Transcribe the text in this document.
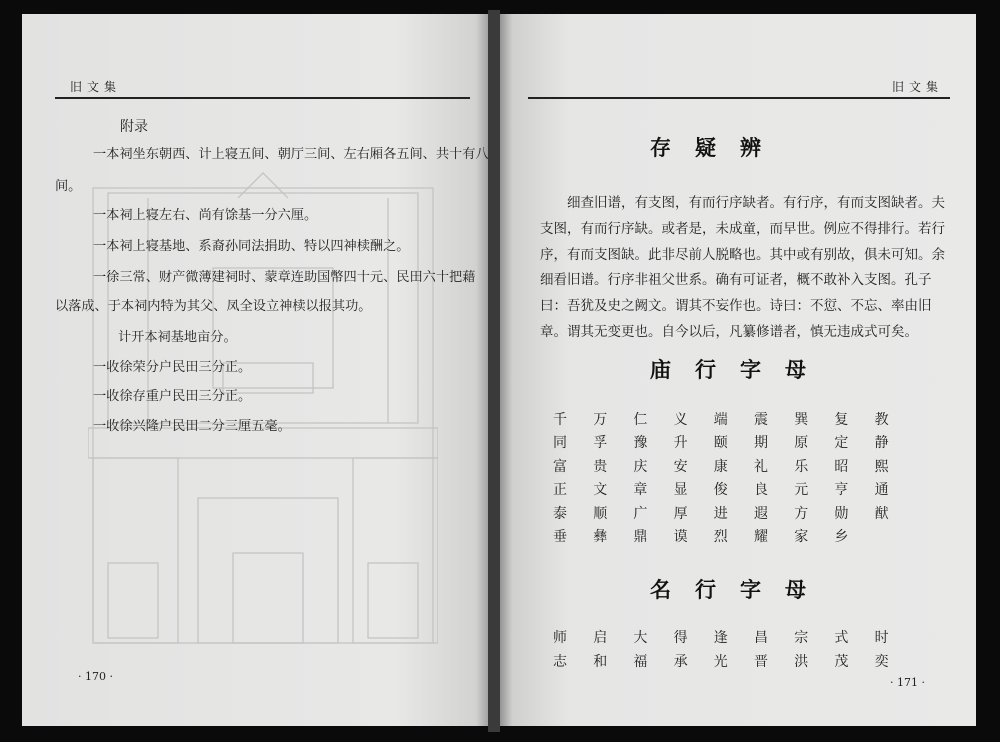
旧文集
附录
一本祠坐东朝西、计上寝五间、朝厅三间、左右厢各五间、共十有八
间。
一本祠上寝左右、尚有馀基一分六厘。
一本祠上寝基地、系裔孙同法捐助、特以四神椟酬之。
一徐三常、财产微薄建祠时、蒙章连助国幣四十元、民田六十把藉
以落成、于本祠内特为其父、凤全设立神椟以报其功。
计开本祠基地亩分。
一收徐荣分户民田三分正。
一收徐存重户民田三分正。
一收徐兴隆户民田二分三厘五毫。
· 170 ·
旧文集
存疑辨
细查旧谱，有支图，有而行序缺者。有行序，有而支图缺者。夫
支图，有而行序缺。或者是，未成童，而早世。例应不得排行。若行
序，有而支图缺。此非尽前人脱略也。其中或有别故，俱未可知。余
细看旧谱。行序非祖父世系。确有可证者，概不敢补入支图。孔子
曰：吾犹及史之阙文。谓其不妄作也。诗曰：不愆、不忘、率由旧
章。谓其无变更也。自今以后，凡纂修谱者，慎无违成式可矣。
庙行字母
千 万 仁 义 端 震 巽 复 教
同 孚 豫 升 颐 期 原 定 静
富 贵 庆 安 康 礼 乐 昭 熙
正 文 章 显 俊 良 元 亨 通
泰 顺 广 厚 进 遐 方 勋 猷
垂 彝 鼎 谟 烈 耀 家 乡
名行字母
师 启 大 得 逢 昌 宗 式 时
志 和 福 承 光 晋 洪 茂 奕
· 171 ·
